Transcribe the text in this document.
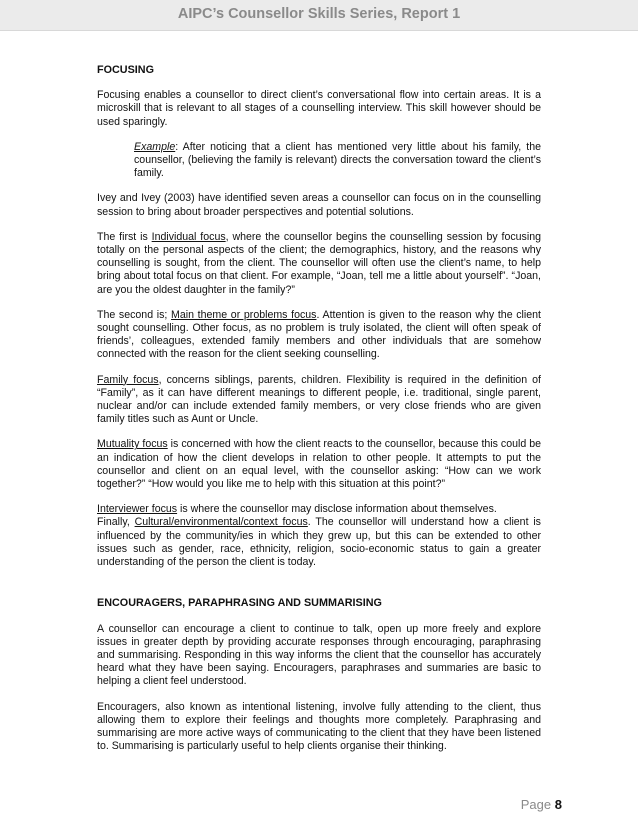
AIPC’s Counsellor Skills Series, Report 1
FOCUSING

Focusing enables a counsellor to direct client’s conversational flow into certain areas. It is a microskill that is relevant to all stages of a counselling interview. This skill however should be used sparingly.

Example: After noticing that a client has mentioned very little about his family, the counsellor, (believing the family is relevant) directs the conversation toward the client’s family.

Ivey and Ivey (2003) have identified seven areas a counsellor can focus on in the counselling session to bring about broader perspectives and potential solutions.

The first is Individual focus, where the counsellor begins the counselling session by focusing totally on the personal aspects of the client; the demographics, history, and the reasons why counselling is sought, from the client. The counsellor will often use the client’s name, to help bring about total focus on that client. For example, “Joan, tell me a little about yourself”. “Joan, are you the oldest daughter in the family?”

The second is; Main theme or problems focus. Attention is given to the reason why the client sought counselling. Other focus, as no problem is truly isolated, the client will often speak of friends’, colleagues, extended family members and other individuals that are somehow connected with the reason for the client seeking counselling.

Family focus, concerns siblings, parents, children. Flexibility is required in the definition of “Family”, as it can have different meanings to different people, i.e. traditional, single parent, nuclear and/or can include extended family members, or very close friends who are given family titles such as Aunt or Uncle.

Mutuality focus is concerned with how the client reacts to the counsellor, because this could be an indication of how the client develops in relation to other people. It attempts to put the counsellor and client on an equal level, with the counsellor asking: “How can we work together?” “How would you like me to help with this situation at this point?”

Interviewer focus is where the counsellor may disclose information about themselves.

Finally, Cultural/environmental/context focus. The counsellor will understand how a client is influenced by the community/ies in which they grew up, but this can be extended to other issues such as gender, race, ethnicity, religion, socio-economic status to gain a greater understanding of the person the client is today.

ENCOURAGERS, PARAPHRASING AND SUMMARISING

A counsellor can encourage a client to continue to talk, open up more freely and explore issues in greater depth by providing accurate responses through encouraging, paraphrasing and summarising. Responding in this way informs the client that the counsellor has accurately heard what they have been saying. Encouragers, paraphrases and summaries are basic to helping a client feel understood.

Encouragers, also known as intentional listening, involve fully attending to the client, thus allowing them to explore their feelings and thoughts more completely. Paraphrasing and summarising are more active ways of communicating to the client that they have been listened to. Summarising is particularly useful to help clients organise their thinking.

Page 8
